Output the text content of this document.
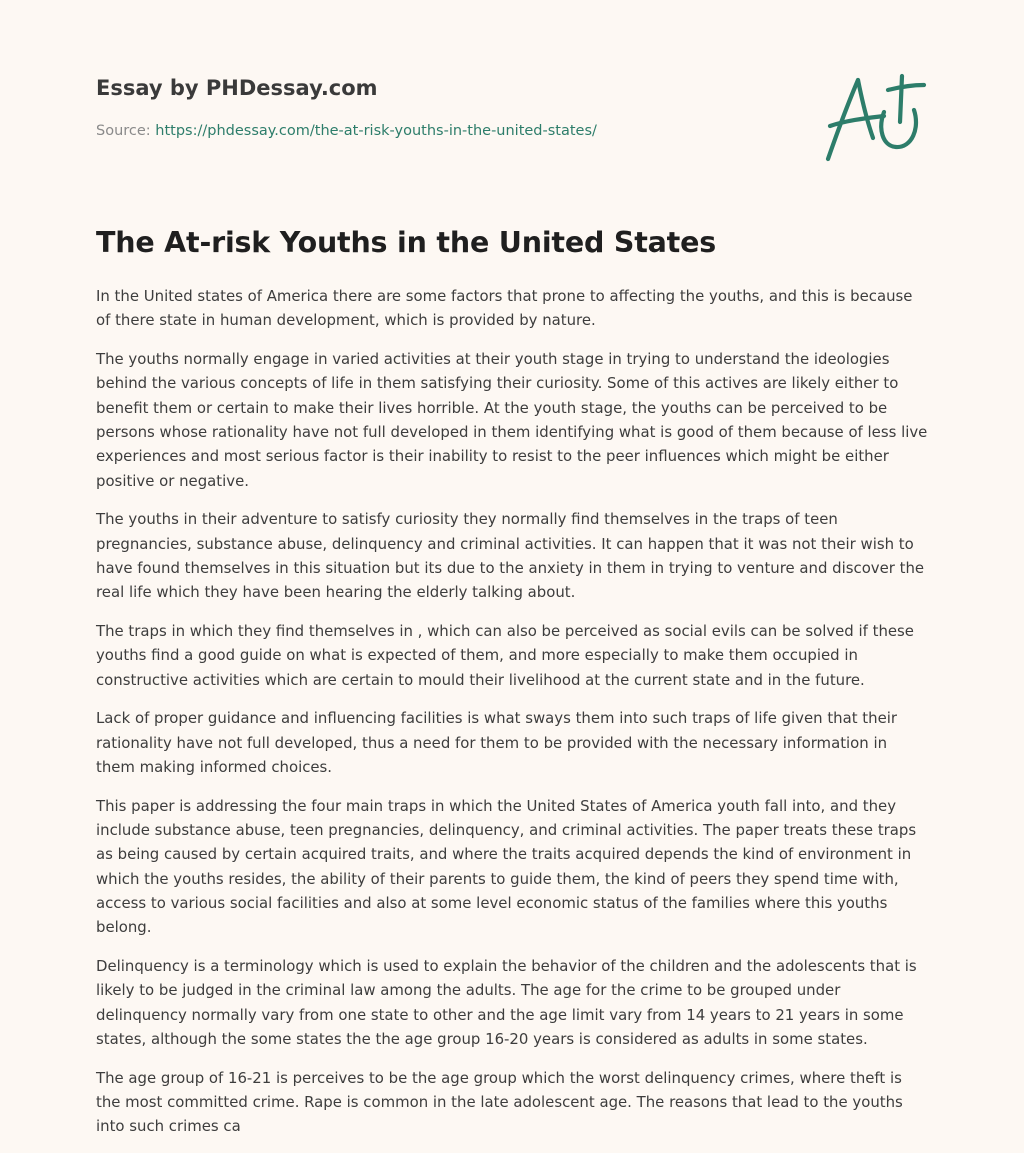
Essay by PHDessay.com
Source: https://phdessay.com/the-at-risk-youths-in-the-united-states/
The At-risk Youths in the United States

In the United states of America there are some factors that prone to affecting the youths, and this is because of there state in human development, which is provided by nature.

The youths normally engage in varied activities at their youth stage in trying to understand the ideologies behind the various concepts of life in them satisfying their curiosity. Some of this actives are likely either to benefit them or certain to make their lives horrible. At the youth stage, the youths can be perceived to be persons whose rationality have not full developed in them identifying what is good of them because of less live experiences and most serious factor is their inability to resist to the peer influences which might be either positive or negative.

The youths in their adventure to satisfy curiosity they normally find themselves in the traps of teen pregnancies, substance abuse, delinquency and criminal activities. It can happen that it was not their wish to have found themselves in this situation but its due to the anxiety in them in trying to venture and discover the real life which they have been hearing the elderly talking about.

The traps in which they find themselves in , which can also be perceived as social evils can be solved if these youths find a good guide on what is expected of them, and more especially to make them occupied in constructive activities which are certain to mould their livelihood at the current state and in the future.

Lack of proper guidance and influencing facilities is what sways them into such traps of life given that their rationality have not full developed, thus a need for them to be provided with the necessary information in them making informed choices.

This paper is addressing the four main traps in which the United States of America youth fall into, and they include substance abuse, teen pregnancies, delinquency, and criminal activities. The paper treats these traps as being caused by certain acquired traits, and where the traits acquired depends the kind of environment in which the youths resides, the ability of their parents to guide them, the kind of peers they spend time with, access to various social facilities and also at some level economic status of the families where this youths belong.

Delinquency is a terminology which is used to explain the behavior of the children and the adolescents that is likely to be judged in the criminal law among the adults. The age for the crime to be grouped under delinquency normally vary from one state to other and the age limit vary from 14 years to 21 years in some states, although the some states the the age group 16-20 years is considered as adults in some states.

The age group of 16-21 is perceives to be the age group which the worst delinquency crimes, where theft is the most committed crime. Rape is common in the late adolescent age. The reasons that lead to the youths into such crimes ca
